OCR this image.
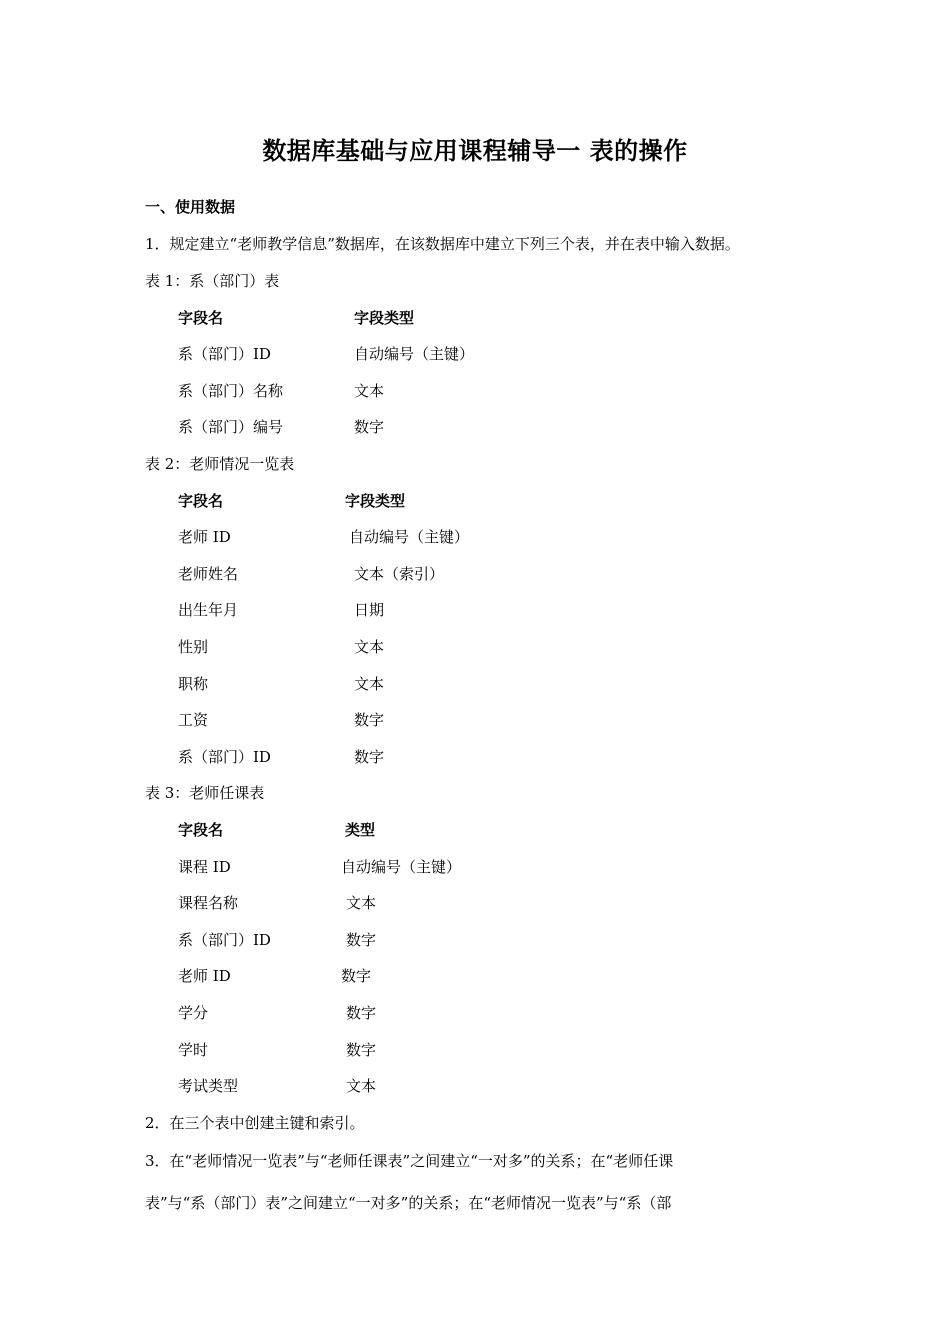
数据库基础与应用课程辅导一 表的操作
一、使用数据
1．规定建立“老师教学信息”数据库，在该数据库中建立下列三个表，并在表中输入数据。
表 1：系（部门）表
字段名	字段类型
系（部门）ID	自动编号（主键）
系（部门）名称	文本
系（部门）编号	数字
表 2：老师情况一览表
字段名	字段类型
老师 ID	自动编号（主键）
老师姓名	文本（索引）
出生年月	日期
性别	文本
职称	文本
工资	数字
系（部门）ID	数字
表 3：老师任课表
字段名	类型
课程 ID	自动编号（主键）
课程名称	文本
系（部门）ID	数字
老师 ID	数字
学分	数字
学时	数字
考试类型	文本
2．在三个表中创建主键和索引。
3．在“老师情况一览表”与“老师任课表”之间建立“一对多”的关系；在“老师任课
表”与“系（部门）表”之间建立“一对多”的关系；在“老师情况一览表”与“系（部
